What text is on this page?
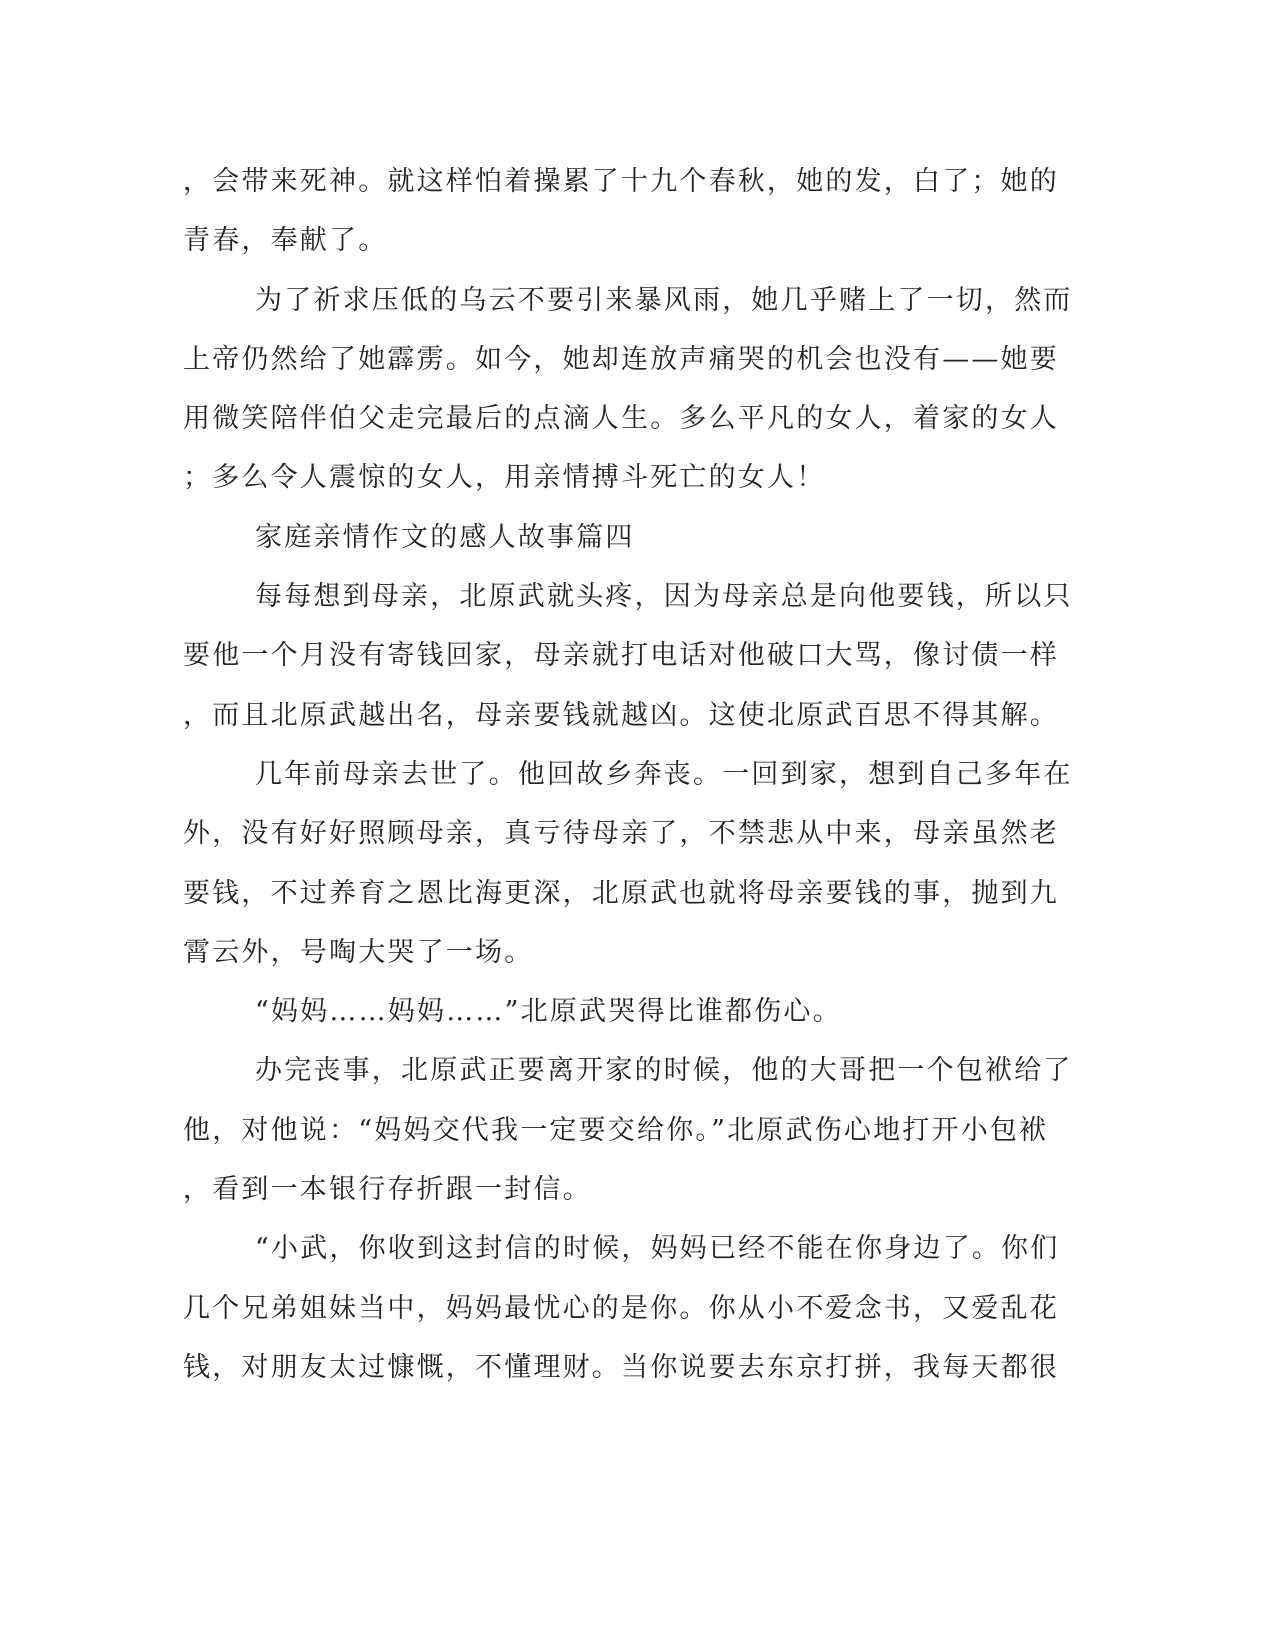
，会带来死神。就这样怕着操累了十九个春秋，她的发，白了；她的
青春，奉献了。
为了祈求压低的乌云不要引来暴风雨，她几乎赌上了一切，然而
上帝仍然给了她霹雳。如今，她却连放声痛哭的机会也没有——她要
用微笑陪伴伯父走完最后的点滴人生。多么平凡的女人，着家的女人
；多么令人震惊的女人，用亲情搏斗死亡的女人！
家庭亲情作文的感人故事篇四
每每想到母亲，北原武就头疼，因为母亲总是向他要钱，所以只
要他一个月没有寄钱回家，母亲就打电话对他破口大骂，像讨债一样
，而且北原武越出名，母亲要钱就越凶。这使北原武百思不得其解。
几年前母亲去世了。他回故乡奔丧。一回到家，想到自己多年在
外，没有好好照顾母亲，真亏待母亲了，不禁悲从中来，母亲虽然老
要钱，不过养育之恩比海更深，北原武也就将母亲要钱的事，抛到九
霄云外，号啕大哭了一场。
“妈妈……妈妈……”北原武哭得比谁都伤心。
办完丧事，北原武正要离开家的时候，他的大哥把一个包袱给了
他，对他说：“妈妈交代我一定要交给你。”北原武伤心地打开小包袱
，看到一本银行存折跟一封信。
“小武，你收到这封信的时候，妈妈已经不能在你身边了。你们
几个兄弟姐妹当中，妈妈最忧心的是你。你从小不爱念书，又爱乱花
钱，对朋友太过慷慨，不懂理财。当你说要去东京打拼，我每天都很
